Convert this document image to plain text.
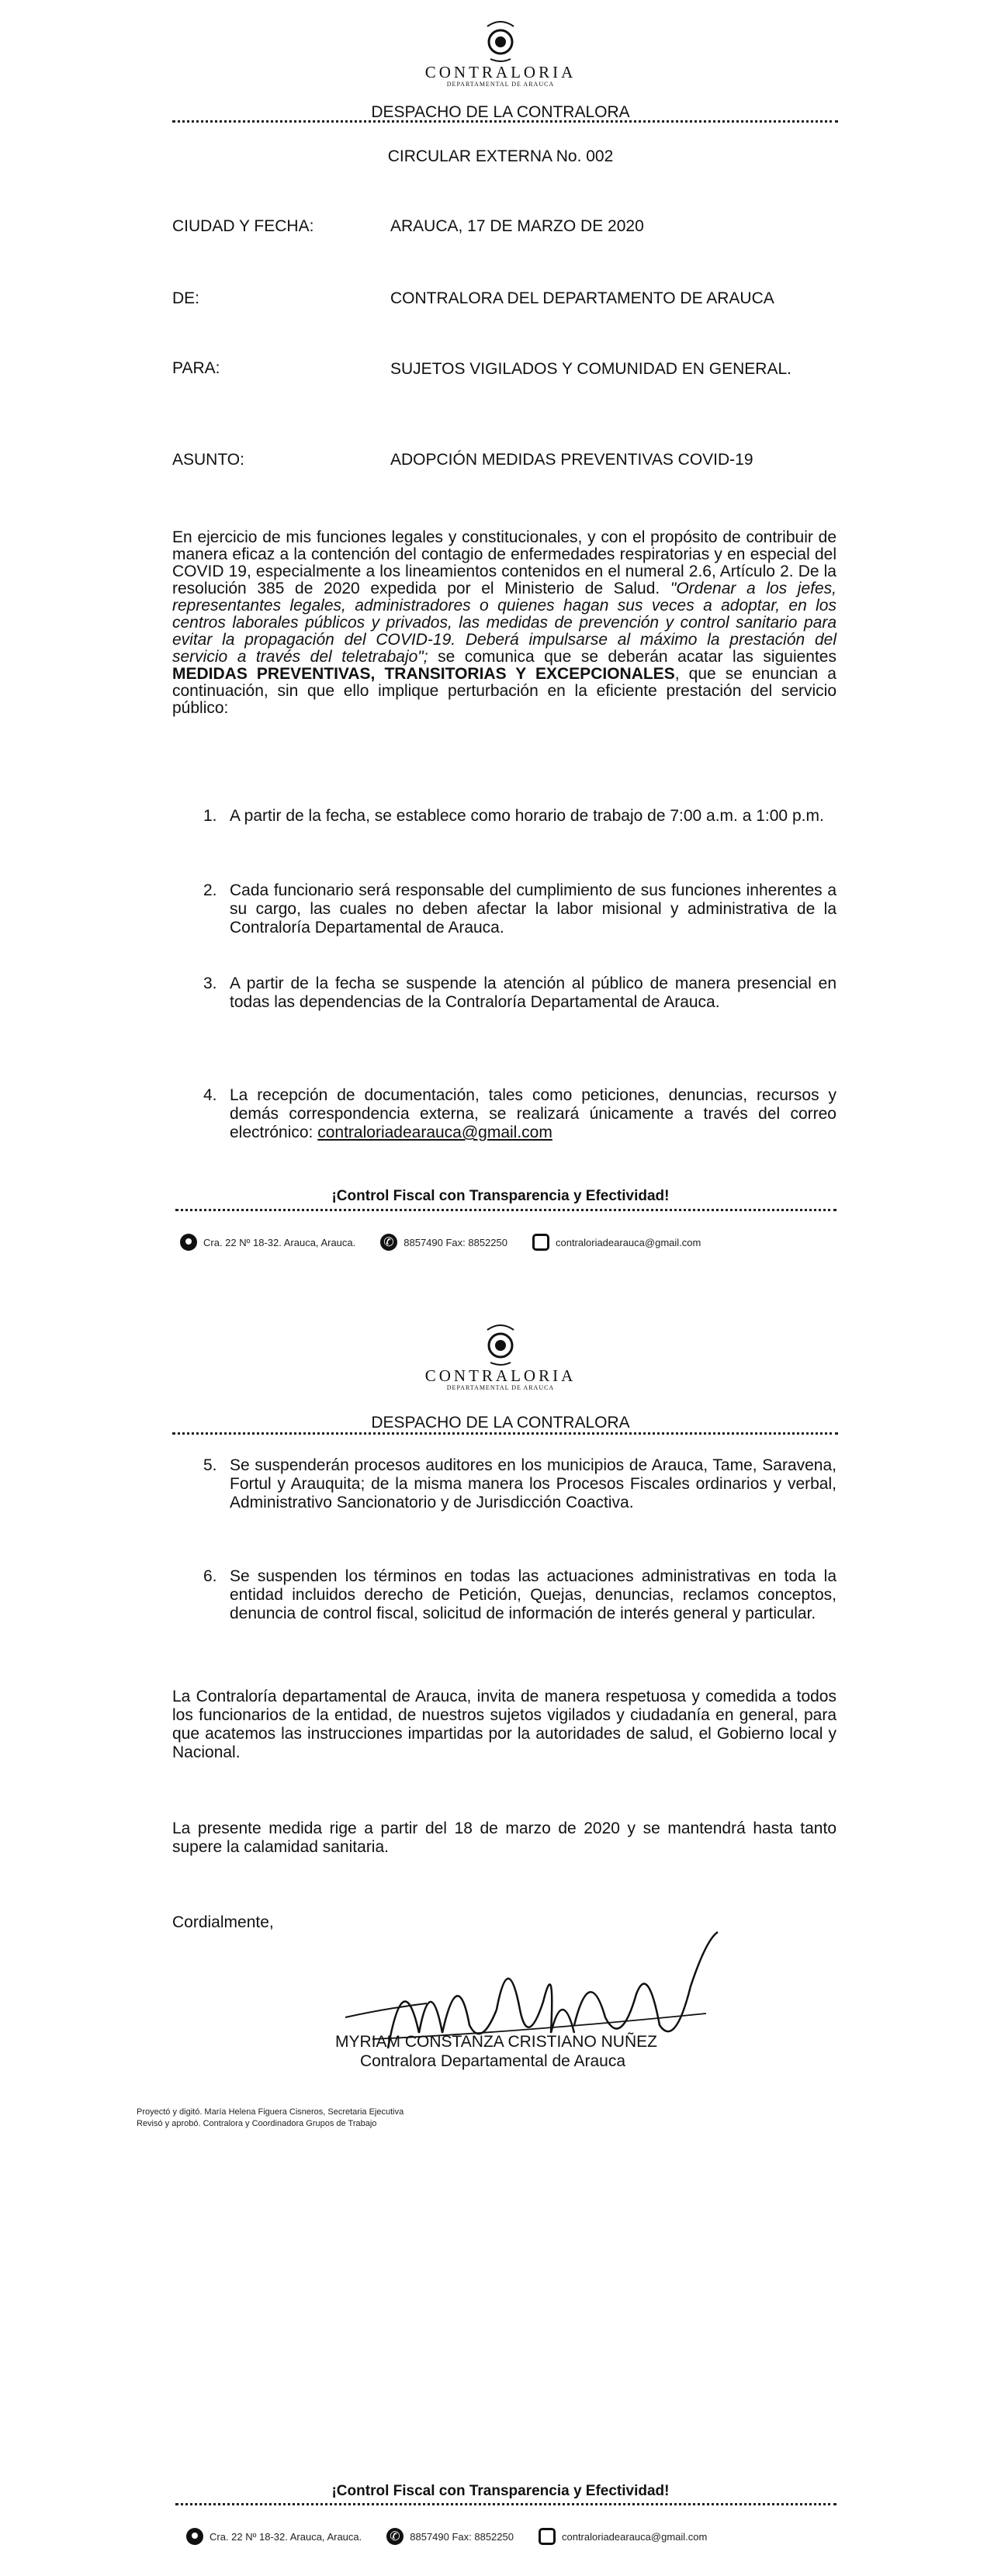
CONTRALORIA
DEPARTAMENTAL DE ARAUCA
DESPACHO DE LA CONTRALORA
CIRCULAR EXTERNA No. 002
CIUDAD Y FECHA:	ARAUCA, 17 DE MARZO DE 2020
DE:	CONTRALORA DEL DEPARTAMENTO DE ARAUCA
PARA:	SUJETOS VIGILADOS Y COMUNIDAD EN GENERAL.
ASUNTO:	ADOPCIÓN MEDIDAS PREVENTIVAS COVID-19
En ejercicio de mis funciones legales y constitucionales, y con el propósito de contribuir de manera eficaz a la contención del contagio de enfermedades respiratorias y en especial del COVID 19, especialmente a los lineamientos contenidos en el numeral 2.6, Artículo 2. De la resolución 385 de 2020 expedida por el Ministerio de Salud. "Ordenar a los jefes, representantes legales, administradores o quienes hagan sus veces a adoptar, en los centros laborales públicos y privados, las medidas de prevención y control sanitario para evitar la propagación del COVID-19. Deberá impulsarse al máximo la prestación del servicio a través del teletrabajo"; se comunica que se deberán acatar las siguientes MEDIDAS PREVENTIVAS, TRANSITORIAS Y EXCEPCIONALES, que se enuncian a continuación, sin que ello implique perturbación en la eficiente prestación del servicio público:
1. A partir de la fecha, se establece como horario de trabajo de 7:00 a.m. a 1:00 p.m.
2. Cada funcionario será responsable del cumplimiento de sus funciones inherentes a su cargo, las cuales no deben afectar la labor misional y administrativa de la Contraloría Departamental de Arauca.
3. A partir de la fecha se suspende la atención al público de manera presencial en todas las dependencias de la Contraloría Departamental de Arauca.
4. La recepción de documentación, tales como peticiones, denuncias, recursos y demás correspondencia externa, se realizará únicamente a través del correo electrónico: contraloriadearauca@gmail.com
¡Control Fiscal con Transparencia y Efectividad!
Cra. 22 Nº 18-32. Arauca, Arauca. ✆	8857490 Fax: 8852250	contraloriadearauca@gmail.com
CONTRALORIA
DEPARTAMENTAL DE ARAUCA
DESPACHO DE LA CONTRALORA
5. Se suspenderán procesos auditores en los municipios de Arauca, Tame, Saravena, Fortul y Arauquita; de la misma manera los Procesos Fiscales ordinarios y verbal, Administrativo Sancionatorio y de Jurisdicción Coactiva.
6. Se suspenden los términos en todas las actuaciones administrativas en toda la entidad incluidos derecho de Petición, Quejas, denuncias, reclamos conceptos, denuncia de control fiscal, solicitud de información de interés general y particular.
La Contraloría departamental de Arauca, invita de manera respetuosa y comedida a todos los funcionarios de la entidad, de nuestros sujetos vigilados y ciudadanía en general, para que acatemos las instrucciones impartidas por la autoridades de salud, el Gobierno local y Nacional.
La presente medida rige a partir del 18 de marzo de 2020 y se mantendrá hasta tanto supere la calamidad sanitaria.
Cordialmente,
MYRIAM CONSTANZA CRISTIANO NUÑEZ
Contralora Departamental de Arauca
Proyectó y digitó. María Helena Figuera Cisneros, Secretaria Ejecutiva
Revisó y aprobó. Contralora y Coordinadora Grupos de Trabajo
¡Control Fiscal con Transparencia y Efectividad!
Cra. 22 Nº 18-32. Arauca, Arauca. ✆	8857490 Fax: 8852250	contraloriadearauca@gmail.com
